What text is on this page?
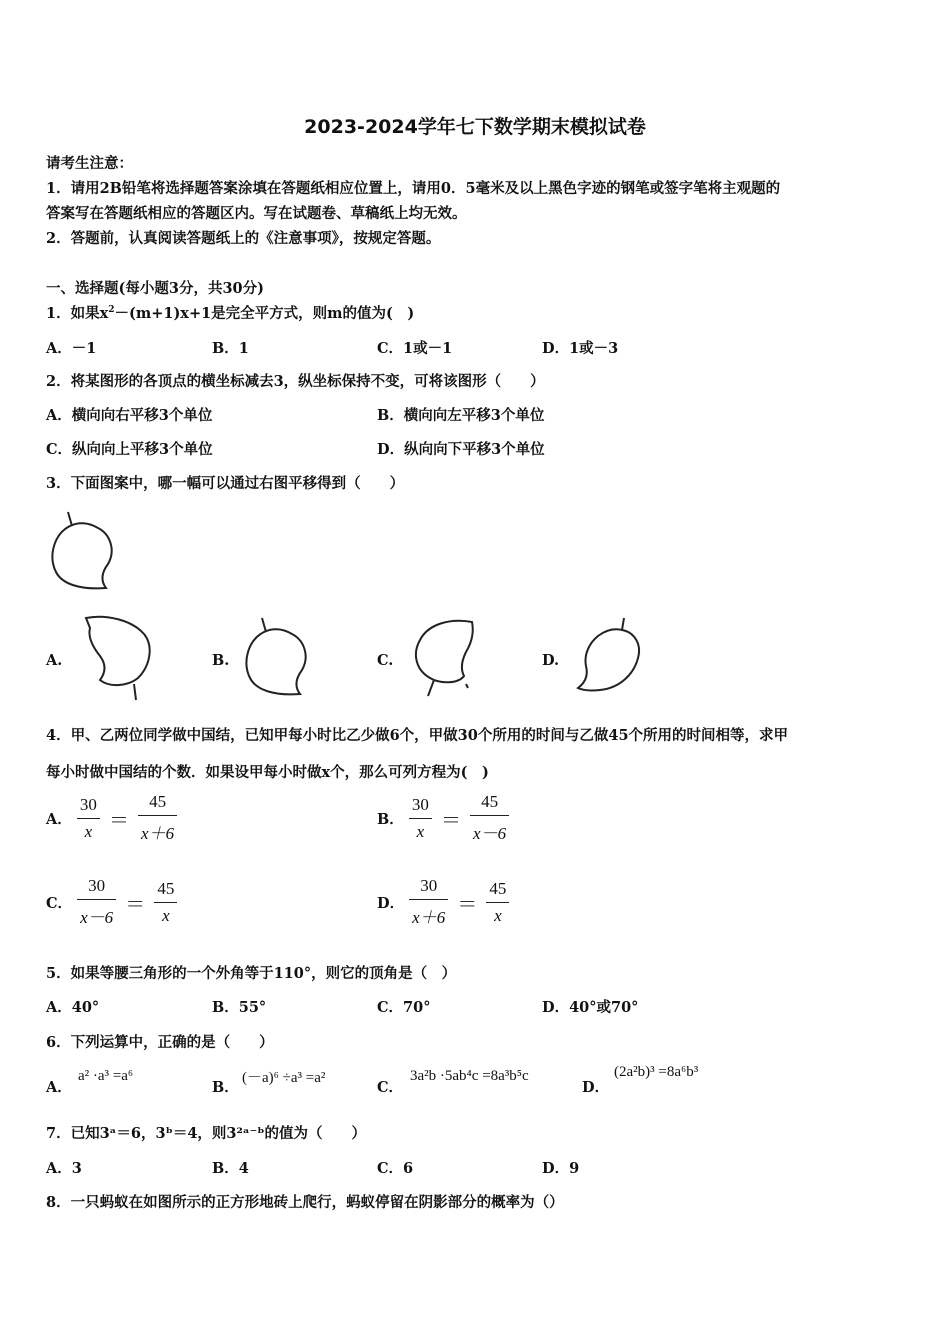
2023-2024学年七下数学期末模拟试卷
请考生注意：
1．请用2B铅笔将选择题答案涂填在答题纸相应位置上，请用0．5毫米及以上黑色字迹的钢笔或签字笔将主观题的
答案写在答题纸相应的答题区内。写在试题卷、草稿纸上均无效。
2．答题前，认真阅读答题纸上的《注意事项》，按规定答题。
一、选择题(每小题3分，共30分)
1．如果$x^2-(m+1)x+1$是完全平方式，则m的值为(　)
A．－1	B．1	C．1或－1	D．1或－3
2．将某图形的各顶点的横坐标减去3，纵坐标保持不变，可将该图形（　　）
A．横向向右平移3个单位	B．横向向左平移3个单位
C．纵向向上平移3个单位	D．纵向向下平移3个单位
3．下面图案中，哪一幅可以通过右图平移得到（　　）
A.	B.	C.	D.
4．甲、乙两位同学做中国结，已知甲每小时比乙少做6个，甲做30个所用的时间与乙做45个所用的时间相等，求甲
每小时做中国结的个数．如果设甲每小时做x个，那么可列方程为(　)
A． $\frac{30}{x} = \frac{45}{x+6}$	B． $\frac{30}{x} = \frac{45}{x-6}$
C． $\frac{30}{x-6} = \frac{45}{x}$	D． $\frac{30}{x+6} = \frac{45}{x}$
5．如果等腰三角形的一个外角等于110°，则它的顶角是（　）
A．40°	B．55°	C．70°	D．40°或70°
6．下列运算中，正确的是（　　）
A．
a² ·a³ =a⁶
B．
(－a)⁶ ÷a³ =a²
C．
3a²b ·5ab⁴c =8a³b⁵c
D．
(2a²b)³ =8a⁶b³
7．已知3ᵃ＝6，3ᵇ＝4，则3²ᵃ⁻ᵇ的值为（　　）
A．3	B．4	C．6	D．9
8．一只蚂蚁在如图所示的正方形地砖上爬行，蚂蚁停留在阴影部分的概率为（）
